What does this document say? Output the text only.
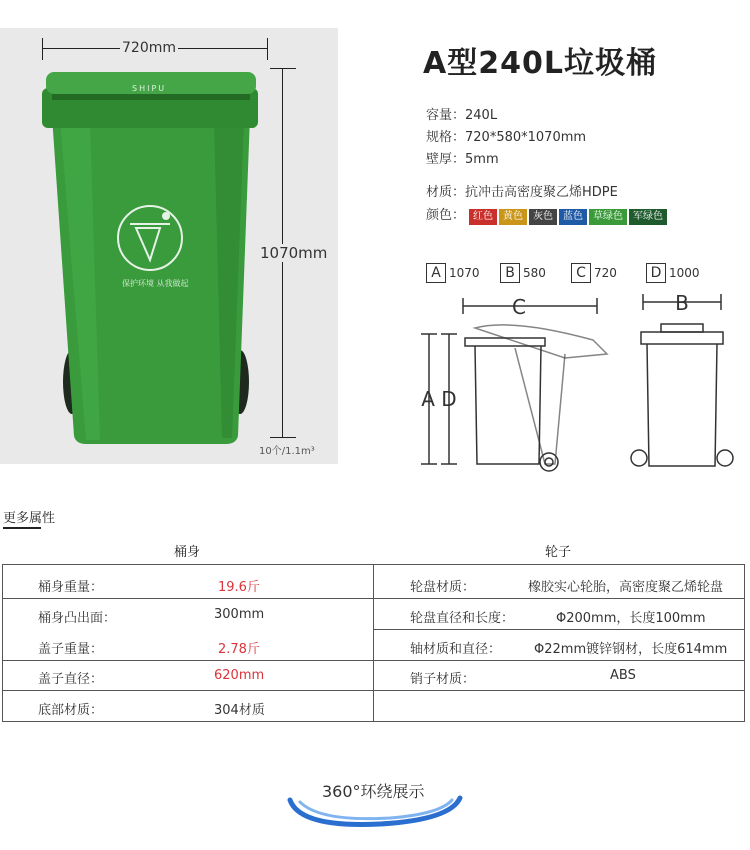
SHIPU
保护环境 从我做起
720mm
1070mm
10个/1.1m³
A型240L垃圾桶
容量：240L
规格：720*580*1070mm
壁厚：5mm
材质：抗冲击高密度聚乙烯HDPE
颜色： 红色 黄色 灰色 蓝色 草绿色 军绿色
A 1070	B 580	C 720	D 1000
C
A D
B
更多属性
桶身	轮子
桶身重量：	19.6斤
桶身凸出面：	300mm
盖子重量：	2.78斤
盖子直径：	620mm
底部材质：	304材质
轮盘材质：	橡胶实心轮胎，高密度聚乙烯轮盘
轮盘直径和长度：	Φ200mm，长度100mm
轴材质和直径：	Φ22mm镀锌钢材，长度614mm
销子材质：	ABS
360°环绕展示
